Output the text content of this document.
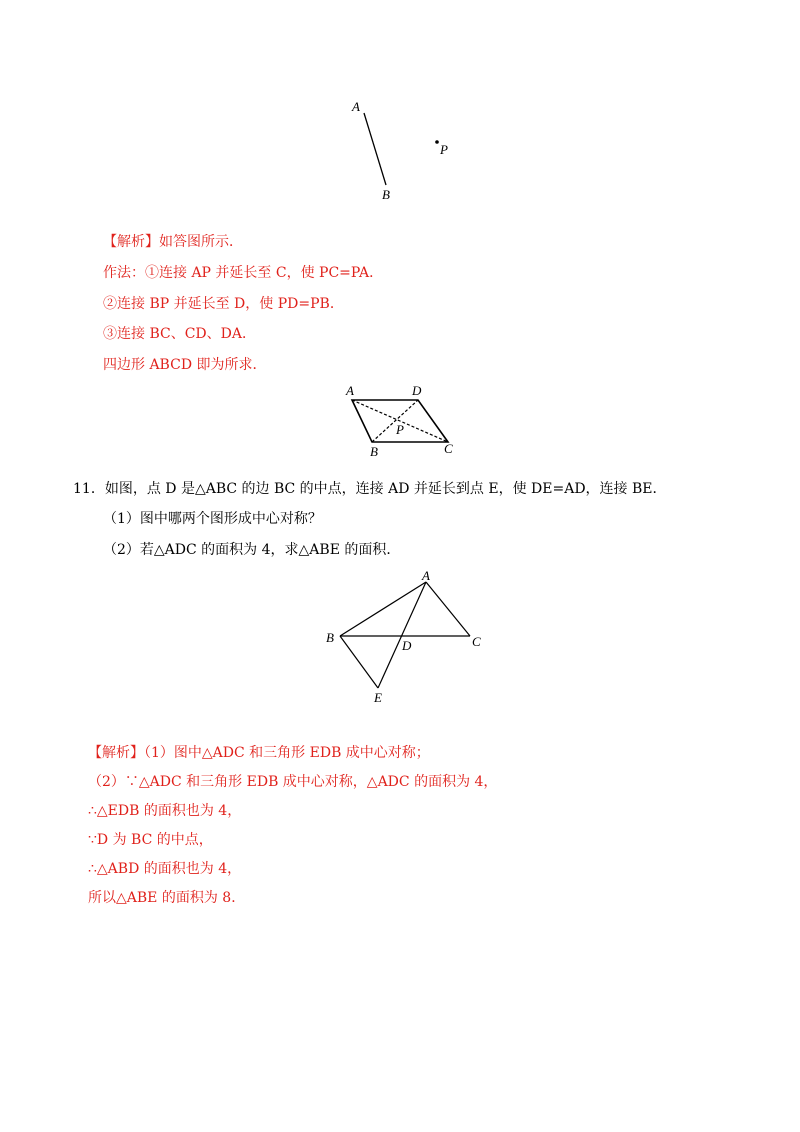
A
B
P
【解析】如答图所示．
作法：①连接 AP 并延长至 C，使 PC=PA．
②连接 BP 并延长至 D，使 PD=PB．
③连接 BC、CD、DA．
四边形 ABCD 即为所求．
A	D
P
B	C
11．如图，点 D 是△ABC 的边 BC 的中点，连接 AD 并延长到点 E，使 DE=AD，连接 BE．
（1）图中哪两个图形成中心对称？
（2）若△ADC 的面积为 4，求△ABE 的面积．
A
B
D	C
E
【解析】（1）图中△ADC 和三角形 EDB 成中心对称；
（2）∵△ADC 和三角形 EDB 成中心对称，△ADC 的面积为 4，
∴△EDB 的面积也为 4，
∵D 为 BC 的中点，
∴△ABD 的面积也为 4，
所以△ABE 的面积为 8．
